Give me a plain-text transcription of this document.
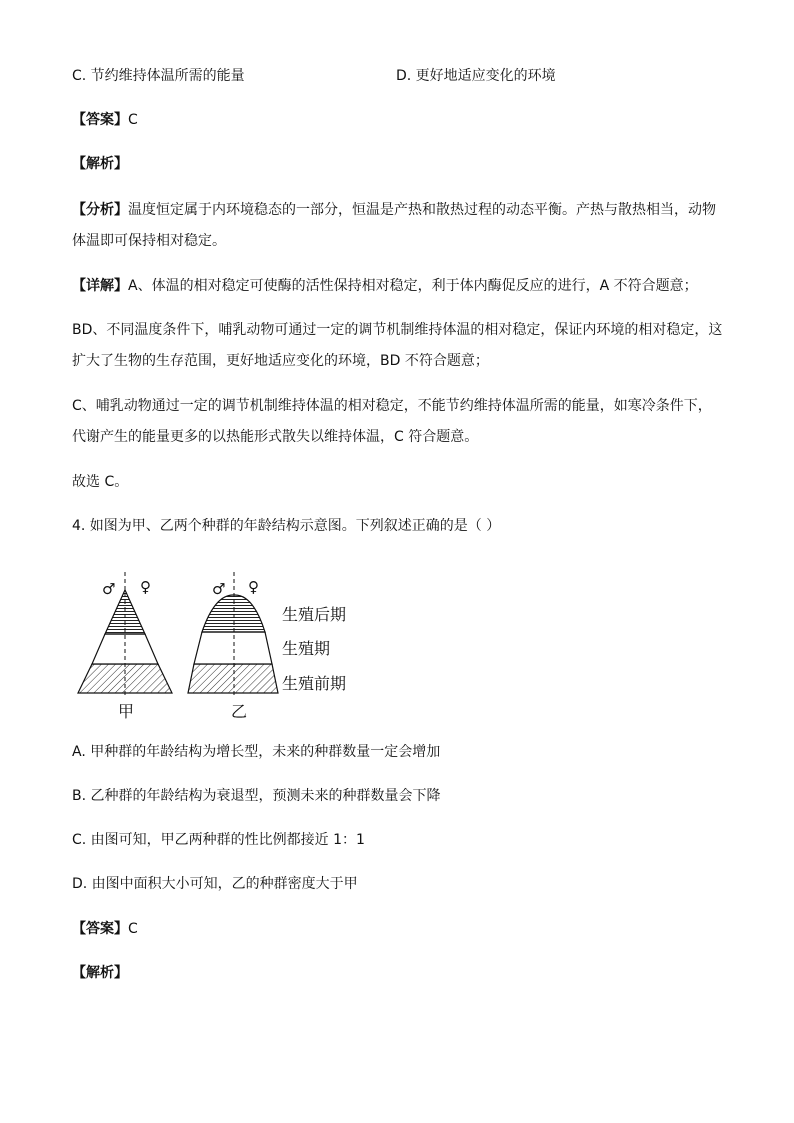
C. 节约维持体温所需的能量	D. 更好地适应变化的环境
【答案】C
【解析】
【分析】温度恒定属于内环境稳态的一部分，恒温是产热和散热过程的动态平衡。产热与散热相当，动物
体温即可保持相对稳定。
【详解】A、体温的相对稳定可使酶的活性保持相对稳定，利于体内酶促反应的进行，A 不符合题意；
BD、不同温度条件下，哺乳动物可通过一定的调节机制维持体温的相对稳定，保证内环境的相对稳定，这
扩大了生物的生存范围，更好地适应变化的环境，BD 不符合题意；
C、哺乳动物通过一定的调节机制维持体温的相对稳定，不能节约维持体温所需的能量，如寒冷条件下，
代谢产生的能量更多的以热能形式散失以维持体温，C 符合题意。
故选 C。
4. 如图为甲、乙两个种群的年龄结构示意图。下列叙述正确的是（ ）
♂ ♀
甲
♂ ♀
乙
生殖后期
生殖期
生殖前期
A. 甲种群的年龄结构为增长型，未来的种群数量一定会增加
B. 乙种群的年龄结构为衰退型，预测未来的种群数量会下降
C. 由图可知，甲乙两种群的性比例都接近 1：1
D. 由图中面积大小可知，乙的种群密度大于甲
【答案】C
【解析】
